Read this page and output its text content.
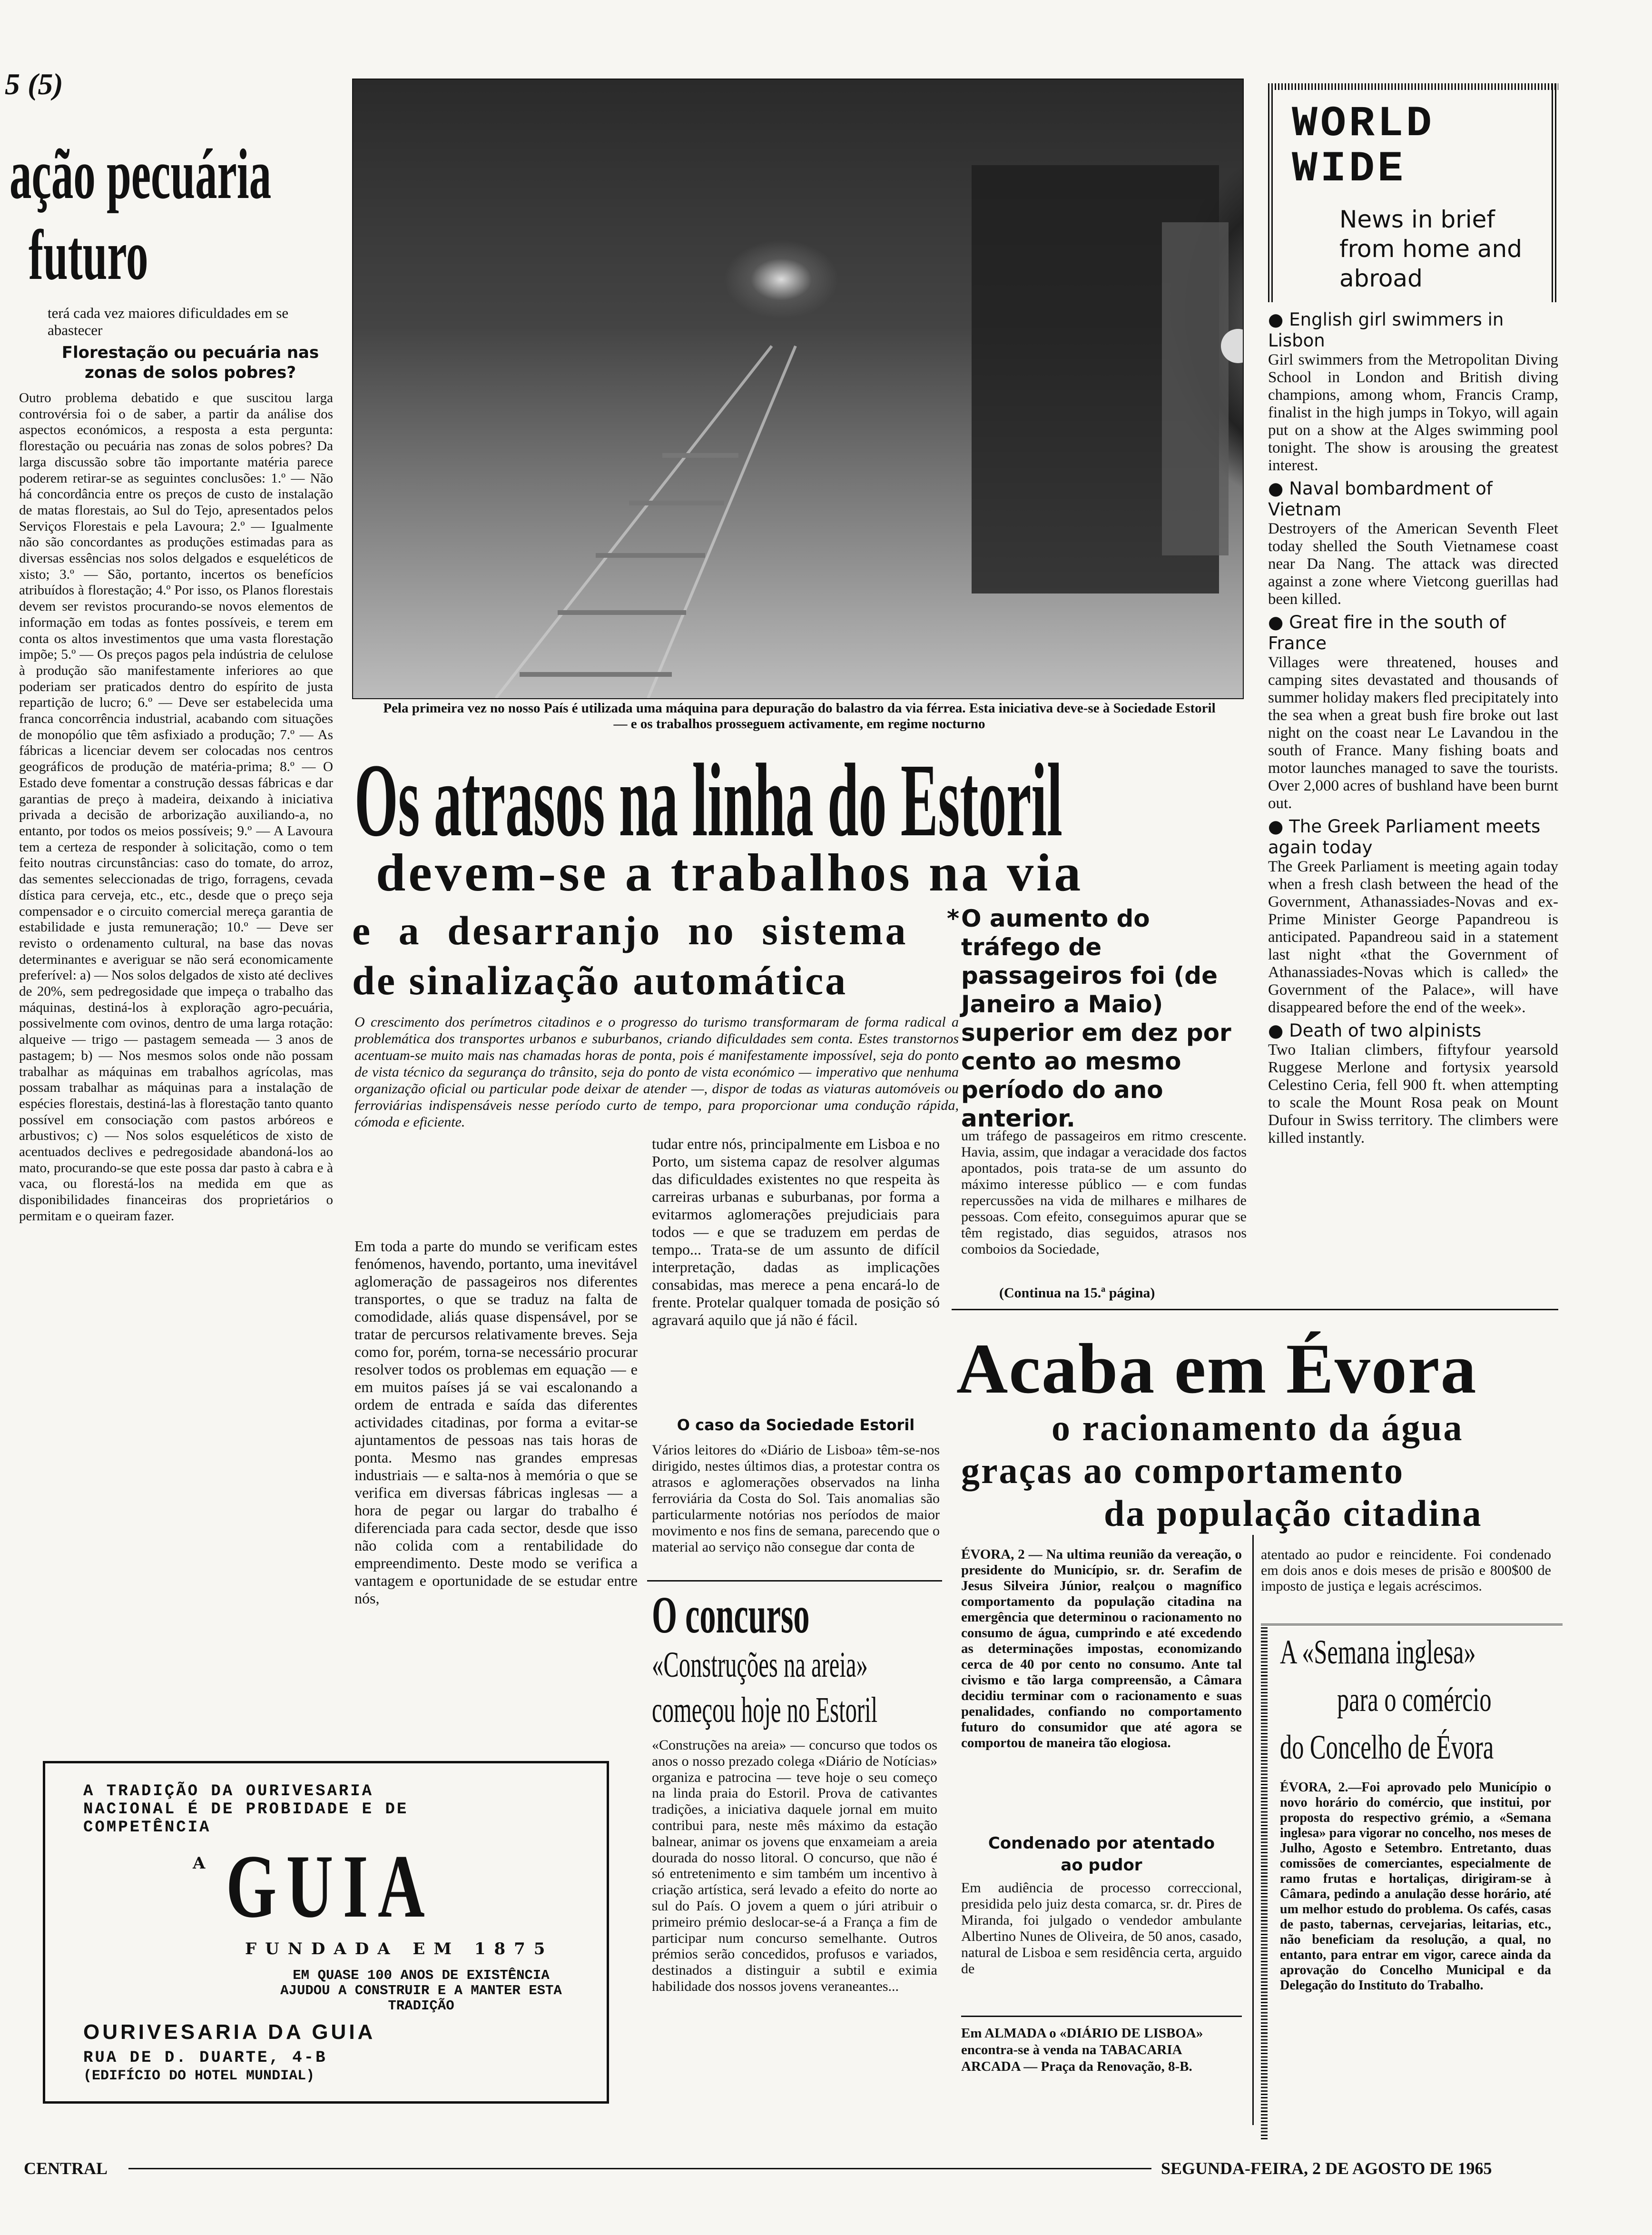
5 (5)
ação pecuária
futuro
terá cada vez maiores dificuldades em se abastecer
Florestação ou pecuária nas zonas de solos pobres?
Outro problema debatido e que suscitou larga controvérsia foi o de saber, a partir da análise dos aspectos económicos, a resposta a esta pergunta: florestação ou pecuária nas zonas de solos pobres? Da larga discussão sobre tão importante matéria parece poderem retirar-se as seguintes conclusões: 1.º — Não há concordância entre os preços de custo de instalação de matas florestais, ao Sul do Tejo, apresentados pelos Serviços Florestais e pela Lavoura; 2.º — Igualmente não são concordantes as produções estimadas para as diversas essências nos solos delgados e esqueléticos de xisto; 3.º — São, portanto, incertos os benefícios atribuídos à florestação; 4.º Por isso, os Planos florestais devem ser revistos procurando-se novos elementos de informação em todas as fontes possíveis, e terem em conta os altos investimentos que uma vasta florestação impõe; 5.º — Os preços pagos pela indústria de celulose à produção são manifestamente inferiores ao que poderiam ser praticados dentro do espírito de justa repartição de lucro; 6.º — Deve ser estabelecida uma franca concorrência industrial, acabando com situações de monopólio que têm asfixiado a produção; 7.º — As fábricas a licenciar devem ser colocadas nos centros geográficos de produção de matéria-prima; 8.º — O Estado deve fomentar a construção dessas fábricas e dar garantias de preço à madeira, deixando à iniciativa privada a decisão de arborização auxiliando-a, no entanto, por todos os meios possíveis; 9.º — A Lavoura tem a certeza de responder à solicitação, como o tem feito noutras circunstâncias: caso do tomate, do arroz, das sementes seleccionadas de trigo, forragens, cevada dística para cerveja, etc., etc., desde que o preço seja compensador e o circuito comercial mereça garantia de estabilidade e justa remuneração; 10.º — Deve ser revisto o ordenamento cultural, na base das novas determinantes e averiguar se não será economicamente preferível: a) — Nos solos delgados de xisto até declives de 20%, sem pedregosidade que impeça o trabalho das máquinas, destiná-los à exploração agro-pecuária, possivelmente com ovinos, dentro de uma larga rotação: alqueive — trigo — pastagem semeada — 3 anos de pastagem; b) — Nos mesmos solos onde não possam trabalhar as máquinas em trabalhos agrícolas, mas possam trabalhar as máquinas para a instalação de espécies florestais, destiná-las à florestação tanto quanto possível em consociação com pastos arbóreos e arbustivos; c) — Nos solos esqueléticos de xisto de acentuados declives e pedregosidade abandoná-los ao mato, procurando-se que este possa dar pasto à cabra e à vaca, ou florestá-los na medida em que as disponibilidades financeiras dos proprietários o permitam e o queiram fazer.
A TRADIÇÃO DA OURIVESARIA NACIONAL É DE PROBIDADE E DE COMPETÊNCIA
A GUIA
FUNDADA EM 1875
EM QUASE 100 ANOS DE EXISTÊNCIA AJUDOU A CONSTRUIR E A MANTER ESTA TRADIÇÃO
OURIVESARIA DA GUIA
RUA DE D. DUARTE, 4-B
(EDIFÍCIO DO HOTEL MUNDIAL)
Pela primeira vez no nosso País é utilizada uma máquina para depuração do balastro da via férrea. Esta iniciativa deve-se à Sociedade Estoril — e os trabalhos prosseguem activamente, em regime nocturno
Os atrasos na linha do Estoril
devem-se a trabalhos na via
e a desarranjo no sistema
de sinalização automática
O crescimento dos perímetros citadinos e o progresso do turismo transformaram de forma radical a problemática dos transportes urbanos e suburbanos, criando dificuldades sem conta. Estes transtornos acentuam-se muito mais nas chamadas horas de ponta, pois é manifestamente impossível, seja do ponto de vista técnico da segurança do trânsito, seja do ponto de vista económico — imperativo que nenhuma organização oficial ou particular pode deixar de atender —, dispor de todas as viaturas automóveis ou ferroviárias indispensáveis nesse período curto de tempo, para proporcionar uma condução rápida, cómoda e eficiente.
Em toda a parte do mundo se verificam estes fenómenos, havendo, portanto, uma inevitável aglomeração de passageiros nos diferentes transportes, o que se traduz na falta de comodidade, aliás quase dispensável, por se tratar de percursos relativamente breves. Seja como for, porém, torna-se necessário procurar resolver todos os problemas em equação — e em muitos países já se vai escalonando a ordem de entrada e saída das diferentes actividades citadinas, por forma a evitar-se ajuntamentos de pessoas nas tais horas de ponta. Mesmo nas grandes empresas industriais — e salta-nos à memória o que se verifica em diversas fábricas inglesas — a hora de pegar ou largar do trabalho é diferenciada para cada sector, desde que isso não colida com a rentabilidade do empreendimento. Deste modo se verifica a vantagem e oportunidade de se estudar entre nós,
tudar entre nós, principalmente em Lisboa e no Porto, um sistema capaz de resolver algumas das dificuldades existentes no que respeita às carreiras urbanas e suburbanas, por forma a evitarmos aglomerações prejudiciais para todos — e que se traduzem em perdas de tempo... Trata-se de um assunto de difícil interpretação, dadas as implicações consabidas, mas merece a pena encará-lo de frente. Protelar qualquer tomada de posição só agravará aquilo que já não é fácil.
O caso da Sociedade Estoril
Vários leitores do «Diário de Lisboa» têm-se-nos dirigido, nestes últimos dias, a protestar contra os atrasos e aglomerações observados na linha ferroviária da Costa do Sol. Tais anomalias são particularmente notórias nos períodos de maior movimento e nos fins de semana, parecendo que o material ao serviço não consegue dar conta de
* O aumento do tráfego de passageiros foi (de Janeiro a Maio) superior em dez por cento ao mesmo período do ano anterior.
um tráfego de passageiros em ritmo crescente. Havia, assim, que indagar a veracidade dos factos apontados, pois trata-se de um assunto do máximo interesse público — e com fundas repercussões na vida de milhares e milhares de pessoas. Com efeito, conseguimos apurar que se têm registado, dias seguidos, atrasos nos comboios da Sociedade,
(Continua na 15.ª página)
O concurso
«Construções na areia»
começou hoje no Estoril
«Construções na areia» — concurso que todos os anos o nosso prezado colega «Diário de Notícias» organiza e patrocina — teve hoje o seu começo na linda praia do Estoril. Prova de cativantes tradições, a iniciativa daquele jornal em muito contribui para, neste mês máximo da estação balnear, animar os jovens que enxameiam a areia dourada do nosso litoral. O concurso, que não é só entretenimento e sim também um incentivo à criação artística, será levado a efeito do norte ao sul do País. O jovem a quem o júri atribuir o primeiro prémio deslocar-se-á a França a fim de participar num concurso semelhante. Outros prémios serão concedidos, profusos e variados, destinados a distinguir a subtil e eximia habilidade dos nossos jovens veraneantes...
WORLD
WIDE
News in brief from home and abroad
● English girl swimmers in Lisbon
Girl swimmers from the Metropolitan Diving School in London and British diving champions, among whom, Francis Cramp, finalist in the high jumps in Tokyo, will again put on a show at the Alges swimming pool tonight. The show is arousing the greatest interest.
● Naval bombardment of Vietnam
Destroyers of the American Seventh Fleet today shelled the South Vietnamese coast near Da Nang. The attack was directed against a zone where Vietcong guerillas had been killed.
● Great fire in the south of France
Villages were threatened, houses and camping sites devastated and thousands of summer holiday makers fled precipitately into the sea when a great bush fire broke out last night on the coast near Le Lavandou in the south of France. Many fishing boats and motor launches managed to save the tourists. Over 2,000 acres of bushland have been burnt out.
● The Greek Parliament meets again today
The Greek Parliament is meeting again today when a fresh clash between the head of the Government, Athanassiades-Novas and ex-Prime Minister George Papandreou is anticipated. Papandreou said in a statement last night «that the Government of Athanassiades-Novas which is called» the Government of the Palace», will have disappeared before the end of the week».
● Death of two alpinists
Two Italian climbers, fiftyfour yearsold Ruggese Merlone and fortysix yearsold Celestino Ceria, fell 900 ft. when attempting to scale the Mount Rosa peak on Mount Dufour in Swiss territory. The climbers were killed instantly.
Acaba em Évora
o racionamento da água
graças ao comportamento
da população citadina
ÉVORA, 2 — Na ultima reunião da vereação, o presidente do Município, sr. dr. Serafim de Jesus Silveira Júnior, realçou o magnífico comportamento da população citadina na emergência que determinou o racionamento no consumo de água, cumprindo e até excedendo as determinações impostas, economizando cerca de 40 por cento no consumo. Ante tal civismo e tão larga compreensão, a Câmara decidiu terminar com o racionamento e suas penalidades, confiando no comportamento futuro do consumidor que até agora se comportou de maneira tão elogiosa.
Condenado por atentado ao pudor
Em audiência de processo correccional, presidida pelo juiz desta comarca, sr. dr. Pires de Miranda, foi julgado o vendedor ambulante Albertino Nunes de Oliveira, de 50 anos, casado, natural de Lisboa e sem residência certa, arguido de
Em ALMADA o «DIÁRIO DE LISBOA» encontra-se à venda na TABACARIA ARCADA — Praça da Renovação, 8-B.
atentado ao pudor e reincidente. Foi condenado em dois anos e dois meses de prisão e 800$00 de imposto de justiça e legais acréscimos.
A «Semana inglesa»
para o comércio
do Concelho de Évora
ÉVORA, 2.—Foi aprovado pelo Município o novo horário do comércio, que institui, por proposta do respectivo grémio, a «Semana inglesa» para vigorar no concelho, nos meses de Julho, Agosto e Setembro. Entretanto, duas comissões de comerciantes, especialmente de ramo frutas e hortaliças, dirigiram-se à Câmara, pedindo a anulação desse horário, até um melhor estudo do problema. Os cafés, casas de pasto, tabernas, cervejarias, leitarias, etc., não beneficiam da resolução, a qual, no entanto, para entrar em vigor, carece ainda da aprovação do Concelho Municipal e da Delegação do Instituto do Trabalho.
CENTRAL	SEGUNDA-FEIRA, 2 DE AGOSTO DE 1965
